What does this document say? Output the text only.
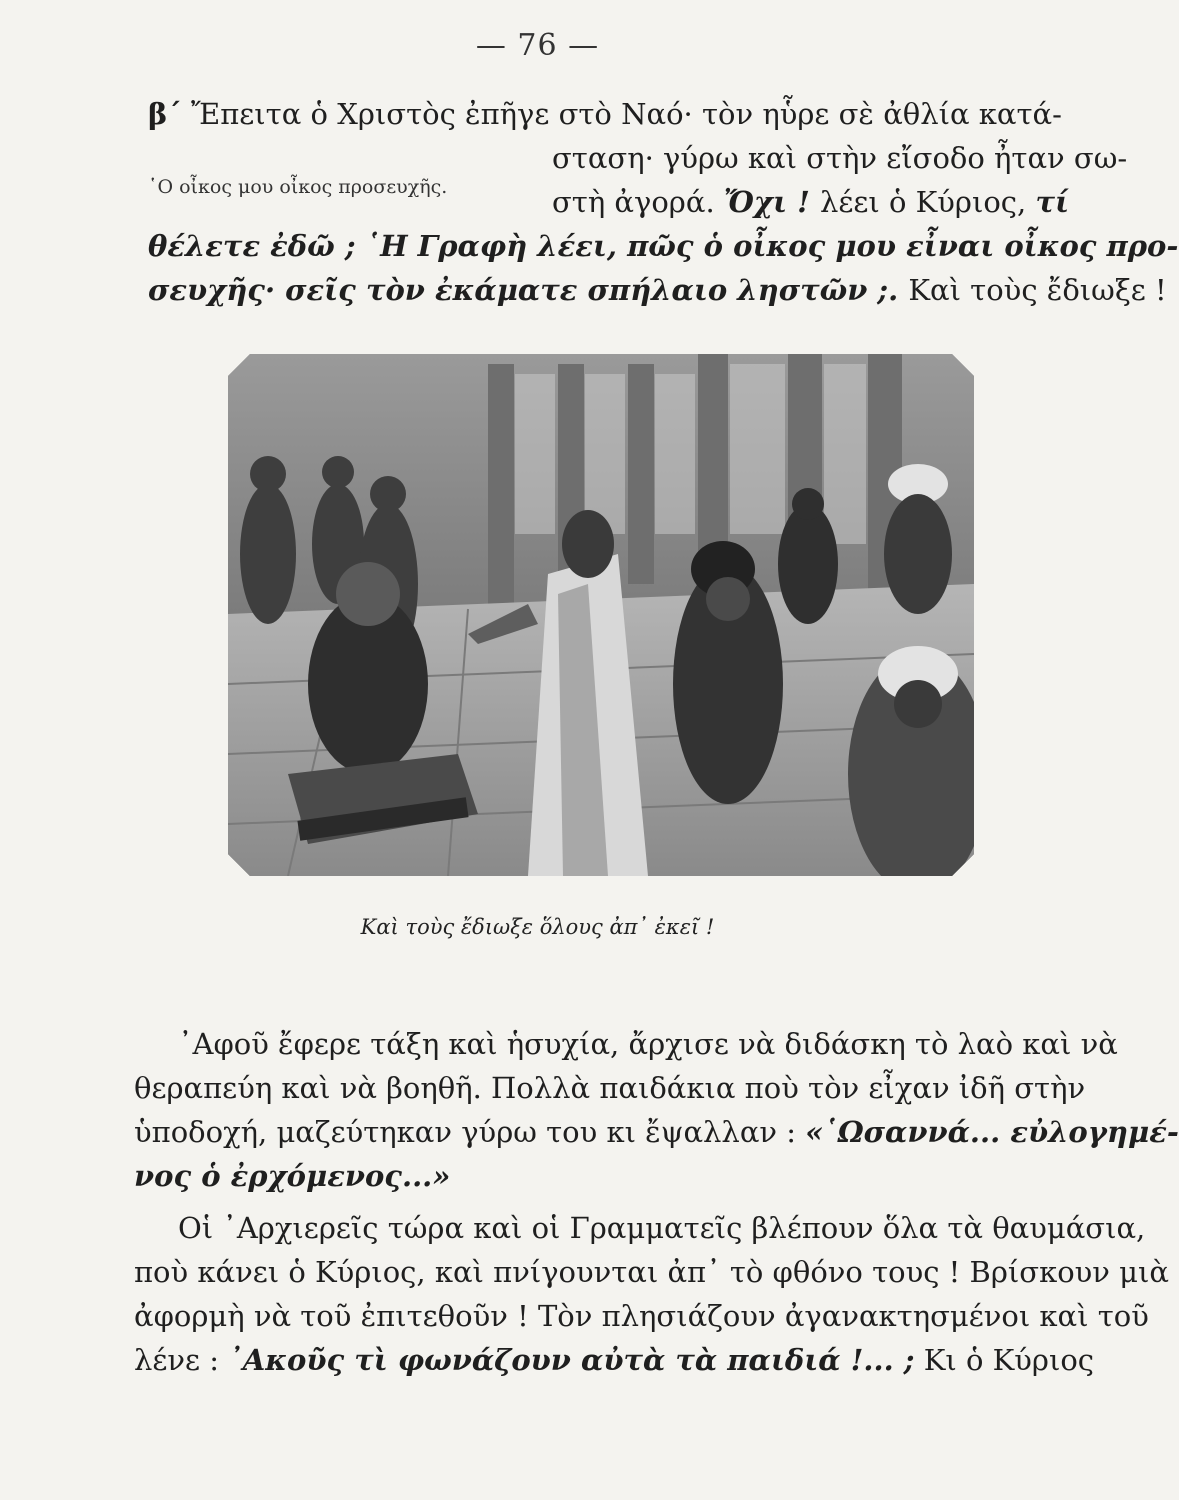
— 76 —
β΄ Ἔπειτα ὁ Χριστὸς ἐπῆγε στὸ Ναό· τὸν ηὗρε σὲ ἀθλία κατά-
σταση· γύρω καὶ στὴν εἴσοδο ἦταν σω-
῾Ο οἶκος μου οἶκος προσευχῆς.	στὴ ἀγορά. Ὄχι ! λέει ὁ Κύριος, τί
θέλετε ἐδῶ ; ῾Η Γραφὴ λέει, πῶς ὁ οἶκος μου εἶναι οἶκος προ-
σευχῆς· σεῖς τὸν ἐκάματε σπήλαιο ληστῶν ;. Καὶ τοὺς ἔδιωξε !
Καὶ τοὺς ἔδιωξε ὅλους ἀπ᾽ ἐκεῖ !
᾽Αφοῦ ἔφερε τάξη καὶ ἡσυχία, ἄρχισε νὰ διδάσκη τὸ λαὸ καὶ νὰ
θεραπεύη καὶ νὰ βοηθῆ. Πολλὰ παιδάκια ποὺ τὸν εἶχαν ἰδῆ στὴν
ὑποδοχή, μαζεύτηκαν γύρω του κι ἔψαλλαν : «῾Ωσαννά... εὐλογημέ-
νος ὁ ἐρχόμενος...»
Οἱ ᾽Αρχιερεῖς τώρα καὶ οἱ Γραμματεῖς βλέπουν ὅλα τὰ θαυμάσια,
ποὺ κάνει ὁ Κύριος, καὶ πνίγουνται ἀπ᾽ τὸ φθόνο τους ! Βρίσκουν μιὰ
ἀφορμὴ νὰ τοῦ ἐπιτεθοῦν ! Τὸν πλησιάζουν ἀγανακτησμένοι καὶ τοῦ
λένε : ᾽Ακοῦς τὶ φωνάζουν αὐτὰ τὰ παιδιά !... ; Κι ὁ Κύριος
